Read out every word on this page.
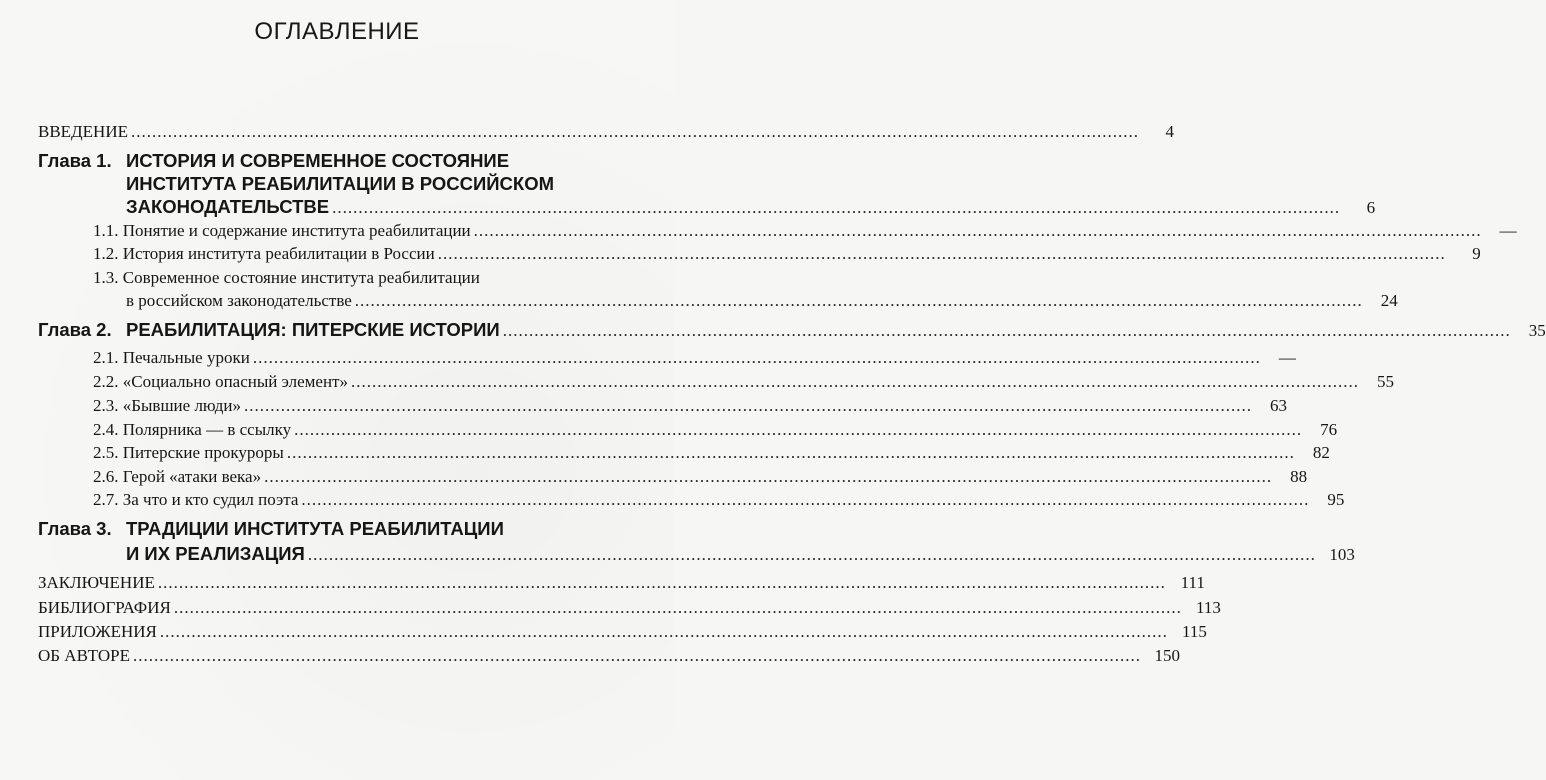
ОГЛАВЛЕНИЕ
ВВЕДЕНИЕ ................................................................................................................................................................................................	4
Глава 1. ИСТОРИЯ И СОВРЕМЕННОЕ СОСТОЯНИЕ
ИНСТИТУТА РЕАБИЛИТАЦИИ В РОССИЙСКОМ
ЗАКОНОДАТЕЛЬСТВЕ ................................................................................................................................................................................................	6
1.1. Понятие и содержание института реабилитации ................................................................................................................................................................................................	—
1.2. История института реабилитации в России ................................................................................................................................................................................................	9
1.3. Современное состояние института реабилитации
в российском законодательстве ................................................................................................................................................................................................	24
Глава 2. РЕАБИЛИТАЦИЯ: ПИТЕРСКИЕ ИСТОРИИ ................................................................................................................................................................................................	35
2.1. Печальные уроки ................................................................................................................................................................................................	—
2.2. «Социально опасный элемент» ................................................................................................................................................................................................	55
2.3. «Бывшие люди» ................................................................................................................................................................................................	63
2.4. Полярника — в ссылку ................................................................................................................................................................................................	76
2.5. Питерские прокуроры ................................................................................................................................................................................................	82
2.6. Герой «атаки века» ................................................................................................................................................................................................	88
2.7. За что и кто судил поэта ................................................................................................................................................................................................	95
Глава 3. ТРАДИЦИИ ИНСТИТУТА РЕАБИЛИТАЦИИ
И ИХ РЕАЛИЗАЦИЯ ................................................................................................................................................................................................ 103
ЗАКЛЮЧЕНИЕ ................................................................................................................................................................................................ 111
БИБЛИОГРАФИЯ ................................................................................................................................................................................................ 113
ПРИЛОЖЕНИЯ ................................................................................................................................................................................................ 115
ОБ АВТОРЕ ................................................................................................................................................................................................ 150
